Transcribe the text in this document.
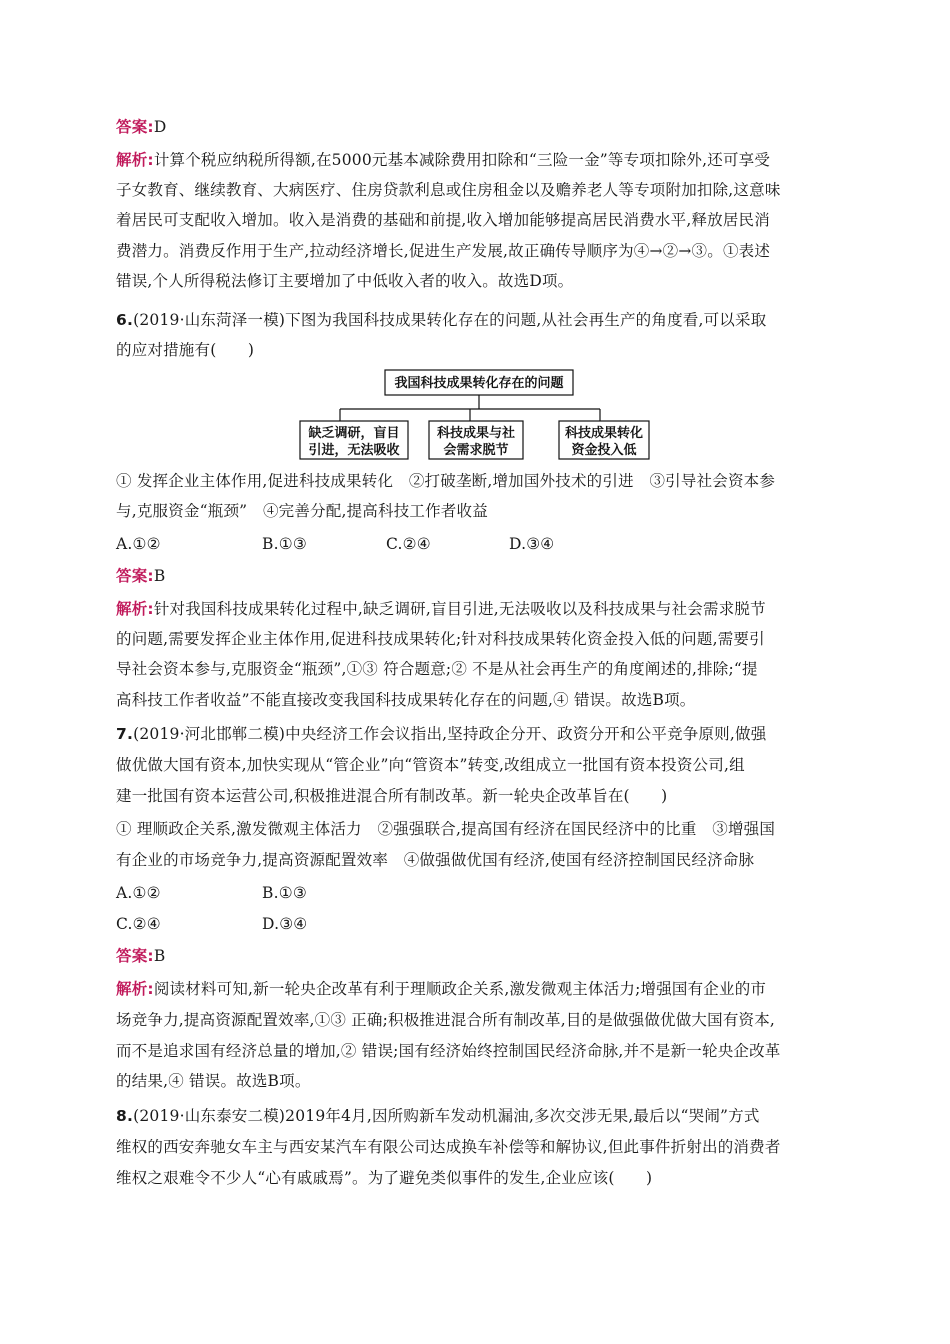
答案:D
解析:计算个税应纳税所得额,在5000元基本减除费用扣除和“三险一金”等专项扣除外,还可享受
子女教育、继续教育、大病医疗、住房贷款利息或住房租金以及赡养老人等专项附加扣除,这意味
着居民可支配收入增加。收入是消费的基础和前提,收入增加能够提高居民消费水平,释放居民消
费潜力。消费反作用于生产,拉动经济增长,促进生产发展,故正确传导顺序为④→②→③。①表述
错误,个人所得税法修订主要增加了中低收入者的收入。故选D项。
6.(2019·山东菏泽一模)下图为我国科技成果转化存在的问题,从社会再生产的角度看,可以采取
的应对措施有(　　)
我国科技成果转化存在的问题
缺乏调研，盲目
引进，无法吸收
科技成果与社
会需求脱节
科技成果转化
资金投入低
① 发挥企业主体作用,促进科技成果转化　②打破垄断,增加国外技术的引进　③引导社会资本参
与,克服资金“瓶颈”　④完善分配,提高科技工作者收益
A.①②	B.①③	C.②④	D.③④
答案:B
解析:针对我国科技成果转化过程中,缺乏调研,盲目引进,无法吸收以及科技成果与社会需求脱节
的问题,需要发挥企业主体作用,促进科技成果转化;针对科技成果转化资金投入低的问题,需要引
导社会资本参与,克服资金“瓶颈”,①③ 符合题意;② 不是从社会再生产的角度阐述的,排除;“提
高科技工作者收益”不能直接改变我国科技成果转化存在的问题,④ 错误。故选B项。
7.(2019·河北邯郸二模)中央经济工作会议指出,坚持政企分开、政资分开和公平竞争原则,做强
做优做大国有资本,加快实现从“管企业”向“管资本”转变,改组成立一批国有资本投资公司,组
建一批国有资本运营公司,积极推进混合所有制改革。新一轮央企改革旨在(　　)
① 理顺政企关系,激发微观主体活力　②强强联合,提高国有经济在国民经济中的比重　③增强国
有企业的市场竞争力,提高资源配置效率　④做强做优国有经济,使国有经济控制国民经济命脉
A.①②	B.①③
C.②④	D.③④
答案:B
解析:阅读材料可知,新一轮央企改革有利于理顺政企关系,激发微观主体活力;增强国有企业的市
场竞争力,提高资源配置效率,①③ 正确;积极推进混合所有制改革,目的是做强做优做大国有资本,
而不是追求国有经济总量的增加,② 错误;国有经济始终控制国民经济命脉,并不是新一轮央企改革
的结果,④ 错误。故选B项。
8.(2019·山东泰安二模)2019年4月,因所购新车发动机漏油,多次交涉无果,最后以“哭闹”方式
维权的西安奔驰女车主与西安某汽车有限公司达成换车补偿等和解协议,但此事件折射出的消费者
维权之艰难令不少人“心有戚戚焉”。为了避免类似事件的发生,企业应该(　　)
